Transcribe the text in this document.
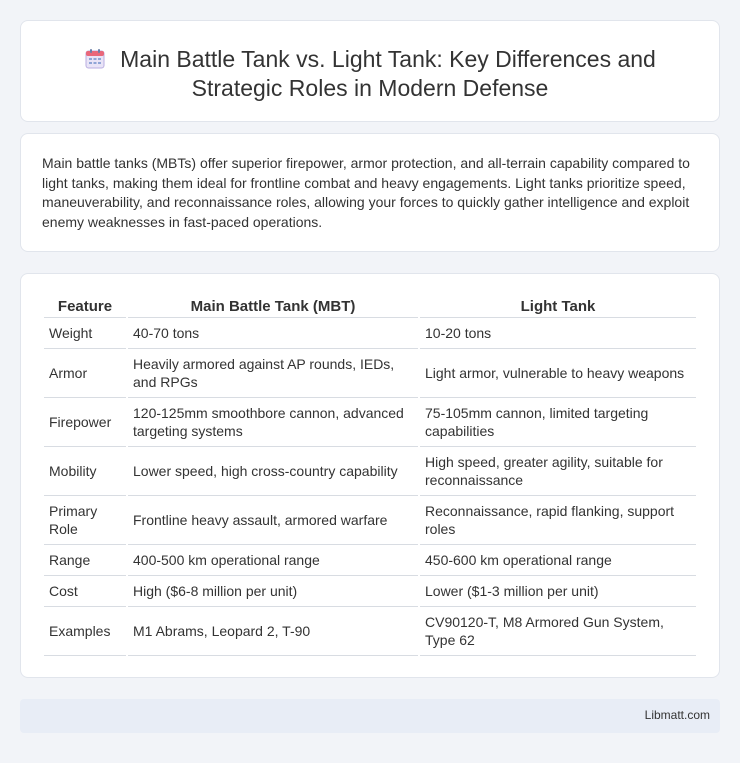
Main Battle Tank vs. Light Tank: Key Differences and
Strategic Roles in Modern Defense

Main battle tanks (MBTs) offer superior firepower, armor protection, and all-terrain capability compared to light tanks, making them ideal for frontline combat and heavy engagements. Light tanks prioritize speed, maneuverability, and reconnaissance roles, allowing your forces to quickly gather intelligence and exploit enemy weaknesses in fast-paced operations.

Feature	Main Battle Tank (MBT)	Light Tank
Weight	40-70 tons	10-20 tons
Armor	Heavily armored against AP rounds, IEDs, and RPGs	Light armor, vulnerable to heavy weapons
Firepower	120-125mm smoothbore cannon, advanced targeting systems	75-105mm cannon, limited targeting capabilities
Mobility	Lower speed, high cross-country capability	High speed, greater agility, suitable for reconnaissance
Primary Role	Frontline heavy assault, armored warfare	Reconnaissance, rapid flanking, support roles
Range	400-500 km operational range	450-600 km operational range
Cost	High ($6-8 million per unit)	Lower ($1-3 million per unit)
Examples	M1 Abrams, Leopard 2, T-90	CV90120-T, M8 Armored Gun System, Type 62
Libmatt.com
